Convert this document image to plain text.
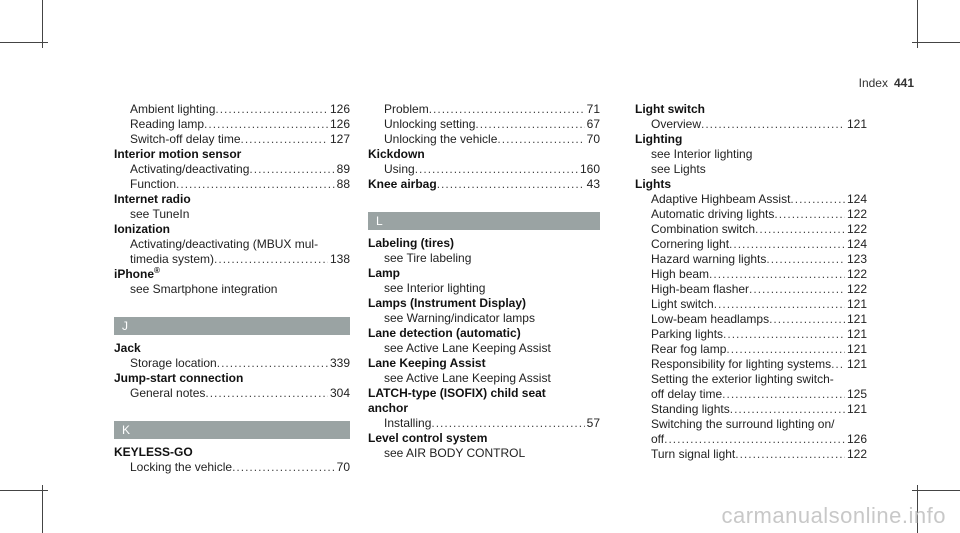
Index 441
Ambient lighting .....	126
Reading lamp .....	126
Switch-off delay time .....	127
Interior motion sensor
Activating/deactivating .....	89
Function .....	88
Internet radio
see TuneIn
Ionization
Activating/deactivating (MBUX mul-
timedia system) .....	138
iPhone®
see Smartphone integration
J
Jack
Storage location .....	339
Jump-start connection
General notes .....	304
K
KEYLESS-GO
Locking the vehicle .....	70
Problem .....	71
Unlocking setting .....	67
Unlocking the vehicle .....	70
Kickdown
Using .....	160
Knee airbag .....	43
L
Labeling (tires)
see Tire labeling
Lamp
see Interior lighting
Lamps (Instrument Display)
see Warning/indicator lamps
Lane detection (automatic)
see Active Lane Keeping Assist
Lane Keeping Assist
see Active Lane Keeping Assist
LATCH-type (ISOFIX) child seat
anchor
Installing .....	57
Level control system
see AIR BODY CONTROL
Light switch
Overview .....	121
Lighting
see Interior lighting
see Lights
Lights
Adaptive Highbeam Assist .....	124
Automatic driving lights .....	122
Combination switch .....	122
Cornering light .....	124
Hazard warning lights .....	123
High beam .....	122
High-beam flasher .....	122
Light switch .....	121
Low-beam headlamps .....	121
Parking lights .....	121
Rear fog lamp .....	121
Responsibility for lighting systems ..... 121
Setting the exterior lighting switch-
off delay time .....	125
Standing lights .....	121
Switching the surround lighting on/
off .....	126
Turn signal light .....	122
carmanualsonline.info
